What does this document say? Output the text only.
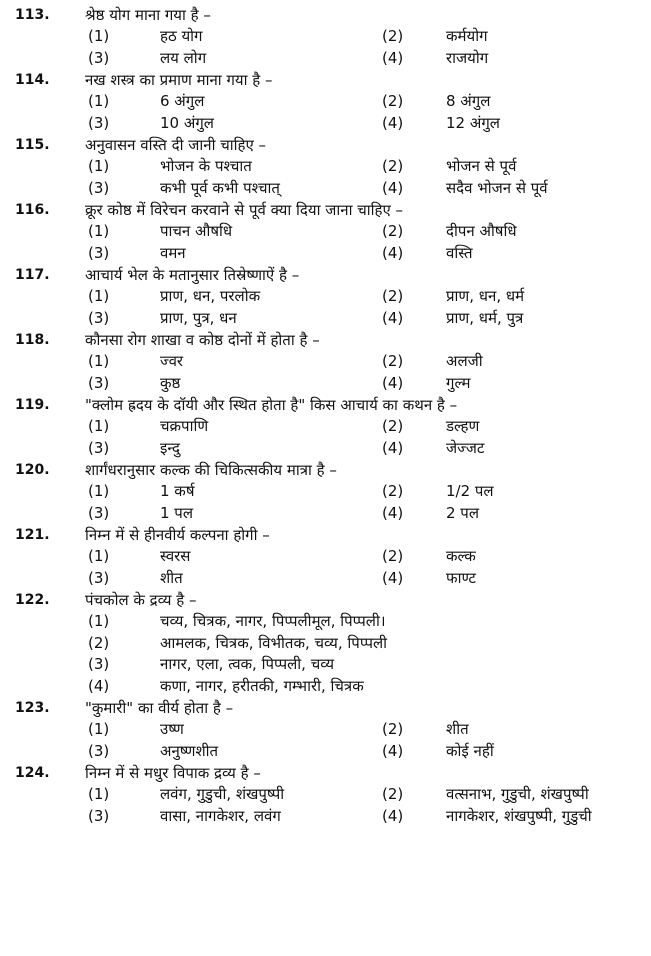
113. श्रेष्ठ योग माना गया है –
(1)	हठ योग	(2)	कर्मयोग
(3)	लय लोग	(4)	राजयोग
114. नख शस्त्र का प्रमाण माना गया है –
(1)	6 अंगुल	(2)	8 अंगुल
(3)	10 अंगुल	(4)	12 अंगुल
115. अनुवासन वस्ति दी जानी चाहिए –
(1)	भोजन के पश्चात	(2)	भोजन से पूर्व
(3)	कभी पूर्व कभी पश्चात्	(4)	सदैव भोजन से पूर्व
116. क्रूर कोष्ठ में विरेचन करवाने से पूर्व क्या दिया जाना चाहिए –
(1)	पाचन औषधि	(2)	दीपन औषधि
(3)	वमन	(4)	वस्ति
117. आचार्य भेल के मतानुसार तिस्रेष्णाऐं है –
(1)	प्राण, धन, परलोक	(2)	प्राण, धन, धर्म
(3)	प्राण, पुत्र, धन	(4)	प्राण, धर्म, पुत्र
118. कौनसा रोग शाखा व कोष्ठ दोनों में होता है –
(1)	ज्वर	(2)	अलजी
(3)	कुष्ठ	(4)	गुल्म
119. "क्लोम ह्रदय के दॉयी और स्थित होता है" किस आचार्य का कथन है –
(1)	चक्रपाणि	(2)	डल्हण
(3)	इन्दु	(4)	जेज्जट
120. शार्गंधरानुसार कल्क की चिकित्सकीय मात्रा है –
(1)	1 कर्ष	(2)	1/2 पल
(3)	1 पल	(4)	2 पल
121. निम्न में से हीनवीर्य कल्पना होगी –
(1)	स्वरस	(2)	कल्क
(3)	शीत	(4)	फाण्ट
122. पंचकोल के द्रव्य है –
(1)	चव्य, चित्रक, नागर, पिप्पलीमूल, पिप्पली।
(2)	आमलक, चित्रक, विभीतक, चव्य, पिप्पली
(3)	नागर, एला, त्वक, पिप्पली, चव्य
(4)	कणा, नागर, हरीतकी, गम्भारी, चित्रक
123. "कुमारी" का वीर्य होता है –
(1)	उष्ण	(2)	शीत
(3)	अनुष्णशीत	(4)	कोई नहीं
124. निम्न में से मधुर विपाक द्रव्य है –
(1)	लवंग, गुडुची, शंखपुष्पी	(2)	वत्सनाभ, गुडुची, शंखपुष्पी
(3)	वासा, नागकेशर, लवंग	(4)	नागकेशर, शंखपुष्पी, गुडुची
